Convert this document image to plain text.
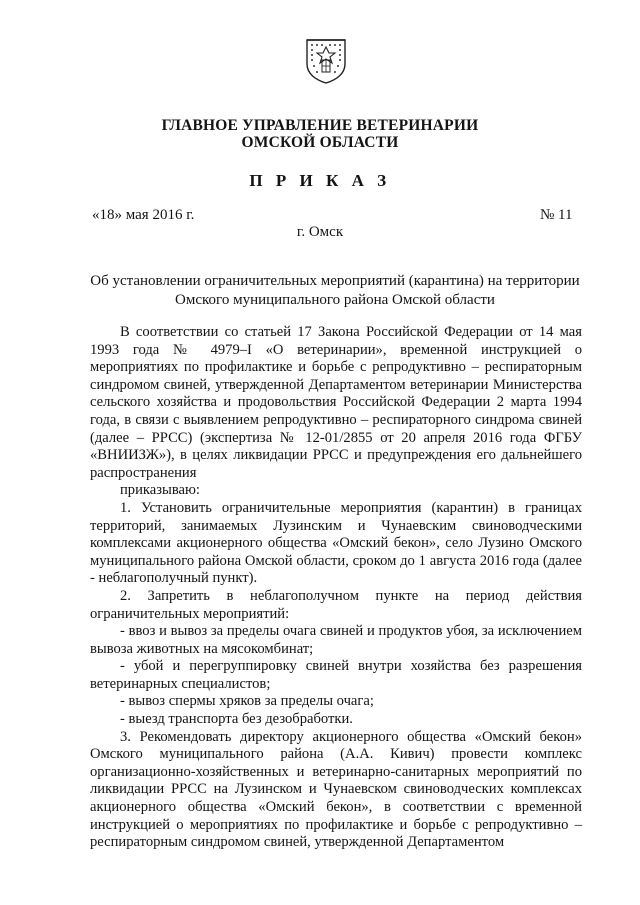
ГЛАВНОЕ УПРАВЛЕНИЕ ВЕТЕРИНАРИИ
ОМСКОЙ ОБЛАСТИ
П Р И К А З
«18» мая 2016 г.	№ 11
г. Омск
Об установлении ограничительных мероприятий (карантина) на территории
Омского муниципального района Омской области

В соответствии со статьей 17 Закона Российской Федерации от 14 мая 1993 года № 4979–I «О ветеринарии», временной инструкцией о мероприятиях по профилактике и борьбе с репродуктивно – респираторным синдромом свиней, утвержденной Департаментом ветеринарии Министерства сельского хозяйства и продовольствия Российской Федерации 2 марта 1994 года, в связи с выявлением репродуктивно – респираторного синдрома свиней (далее – РРСС) (экспертиза № 12-01/2855 от 20 апреля 2016 года ФГБУ «ВНИИЗЖ»), в целях ликвидации РРСС и предупреждения его дальнейшего распространения

приказываю:

1. Установить ограничительные мероприятия (карантин) в границах территорий, занимаемых Лузинским и Чунаевским свиноводческими комплексами акционерного общества «Омский бекон», село Лузино Омского муниципального района Омской области, сроком до 1 августа 2016 года (далее - неблагополучный пункт).

2. Запретить в неблагополучном пункте на период действия ограничительных мероприятий:

- ввоз и вывоз за пределы очага свиней и продуктов убоя, за исключением вывоза животных на мясокомбинат;

- убой и перегруппировку свиней внутри хозяйства без разрешения ветеринарных специалистов;

- вывоз спермы хряков за пределы очага;

- выезд транспорта без дезобработки.

3. Рекомендовать директору акционерного общества «Омский бекон» Омского муниципального района (А.А. Кивич) провести комплекс организационно-хозяйственных и ветеринарно-санитарных мероприятий по ликвидации РРСС на Лузинском и Чунаевском свиноводческих комплексах акционерного общества «Омский бекон», в соответствии с временной инструкцией о мероприятиях по профилактике и борьбе с репродуктивно – респираторным синдромом свиней, утвержденной Департаментом
